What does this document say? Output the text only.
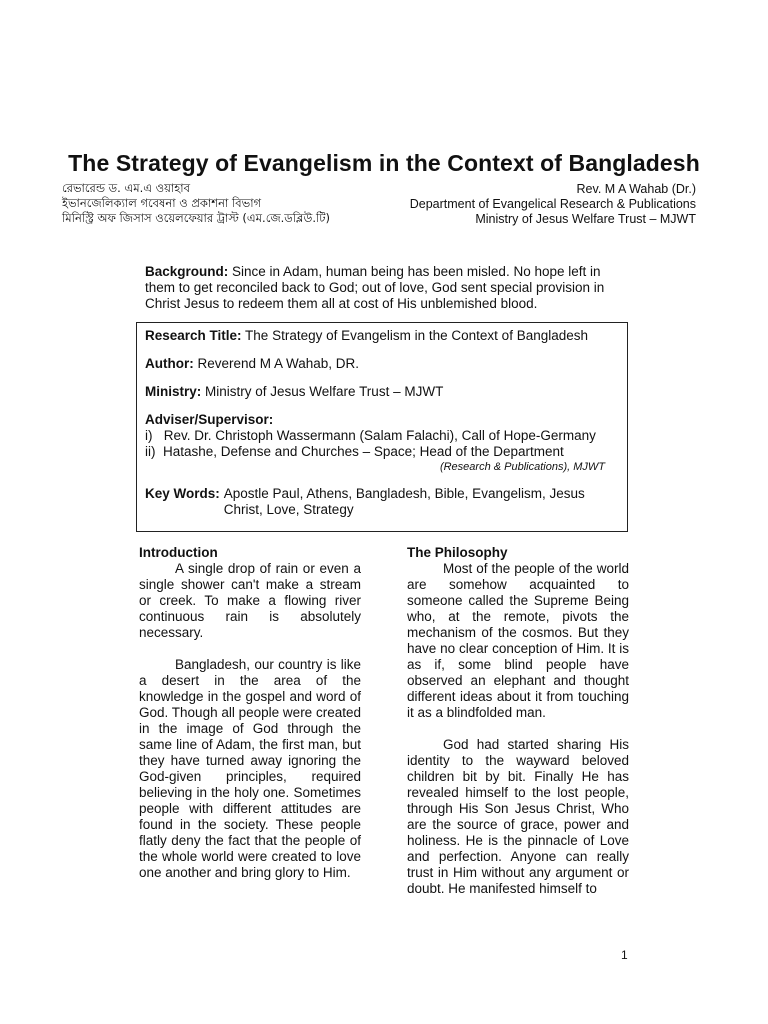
The Strategy of Evangelism in the Context of Bangladesh
রেভারেন্ড ড. এম.এ ওয়াহাব
ইভানজেলিক্যাল গবেষনা ও প্রকাশনা বিভাগ
মিনিস্ট্রি অফ জিসাস ওয়েলফেয়ার ট্রাস্ট (এম.জে.ডব্লিউ.টি)
Rev. M A Wahab (Dr.)
Department of Evangelical Research & Publications
Ministry of Jesus Welfare Trust – MJWT

Background: Since in Adam, human being has been misled. No hope left in them to get reconciled back to God; out of love, God sent special provision in Christ Jesus to redeem them all at cost of His unblemished blood.

Research Title: The Strategy of Evangelism in the Context of Bangladesh
Author: Reverend M A Wahab, DR.
Ministry: Ministry of Jesus Welfare Trust – MJWT
Adviser/Supervisor:
i)   Rev. Dr. Christoph Wassermann (Salam Falachi), Call of Hope-Germany
ii)  Hatashe, Defense and Churches – Space; Head of the Department
(Research & Publications), MJWT
Key Words: Apostle Paul, Athens, Bangladesh, Bible, Evangelism, Jesus Christ, Love, Strategy
Introduction

A single drop of rain or even a single shower can't make a stream or creek. To make a flowing river continuous rain is absolutely necessary.

Bangladesh, our country is like a desert in the area of the knowledge in the gospel and word of God. Though all people were created in the image of God through the same line of Adam, the first man, but they have turned away ignoring the God-given principles, required believing in the holy one. Sometimes people with different attitudes are found in the society. These people flatly deny the fact that the people of the whole world were created to love one another and bring glory to Him.

The Philosophy

Most of the people of the world are somehow acquainted to someone called the Supreme Being who, at the remote, pivots the mechanism of the cosmos. But they have no clear conception of Him. It is as if, some blind people have observed an elephant and thought different ideas about it from touching it as a blindfolded man.

God had started sharing His identity to the wayward beloved children bit by bit. Finally He has revealed himself to the lost people, through His Son Jesus Christ, Who are the source of grace, power and holiness. He is the pinnacle of Love and perfection. Anyone can really trust in Him without any argument or doubt. He manifested himself to

1
